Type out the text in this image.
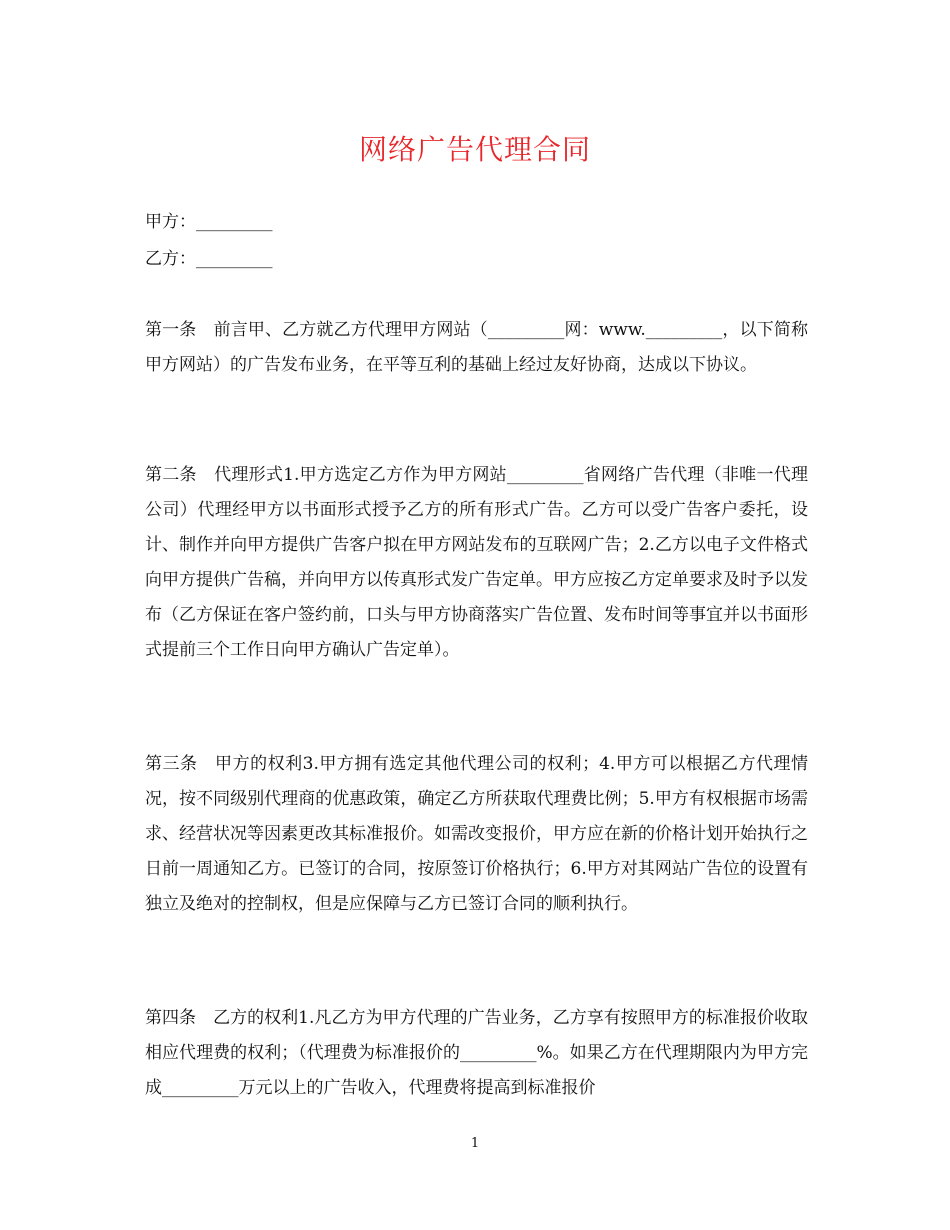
网络广告代理合同
甲方：_________
乙方：_________
第一条　前言甲、乙方就乙方代理甲方网站（_________网：www._________，以下简称甲方网站）的广告发布业务，在平等互利的基础上经过友好协商，达成以下协议。
第二条　代理形式1.甲方选定乙方作为甲方网站_________省网络广告代理（非唯一代理公司）代理经甲方以书面形式授予乙方的所有形式广告。乙方可以受广告客户委托，设计、制作并向甲方提供广告客户拟在甲方网站发布的互联网广告；2.乙方以电子文件格式向甲方提供广告稿，并向甲方以传真形式发广告定单。甲方应按乙方定单要求及时予以发布（乙方保证在客户签约前，口头与甲方协商落实广告位置、发布时间等事宜并以书面形式提前三个工作日向甲方确认广告定单）。
第三条　甲方的权利3.甲方拥有选定其他代理公司的权利；4.甲方可以根据乙方代理情况，按不同级别代理商的优惠政策，确定乙方所获取代理费比例；5.甲方有权根据市场需求、经营状况等因素更改其标准报价。如需改变报价，甲方应在新的价格计划开始执行之日前一周通知乙方。已签订的合同，按原签订价格执行；6.甲方对其网站广告位的设置有独立及绝对的控制权，但是应保障与乙方已签订合同的顺利执行。
第四条　乙方的权利1.凡乙方为甲方代理的广告业务，乙方享有按照甲方的标准报价收取相应代理费的权利；（代理费为标准报价的_________%。如果乙方在代理期限内为甲方完成_________万元以上的广告收入，代理费将提高到标准报价
1
